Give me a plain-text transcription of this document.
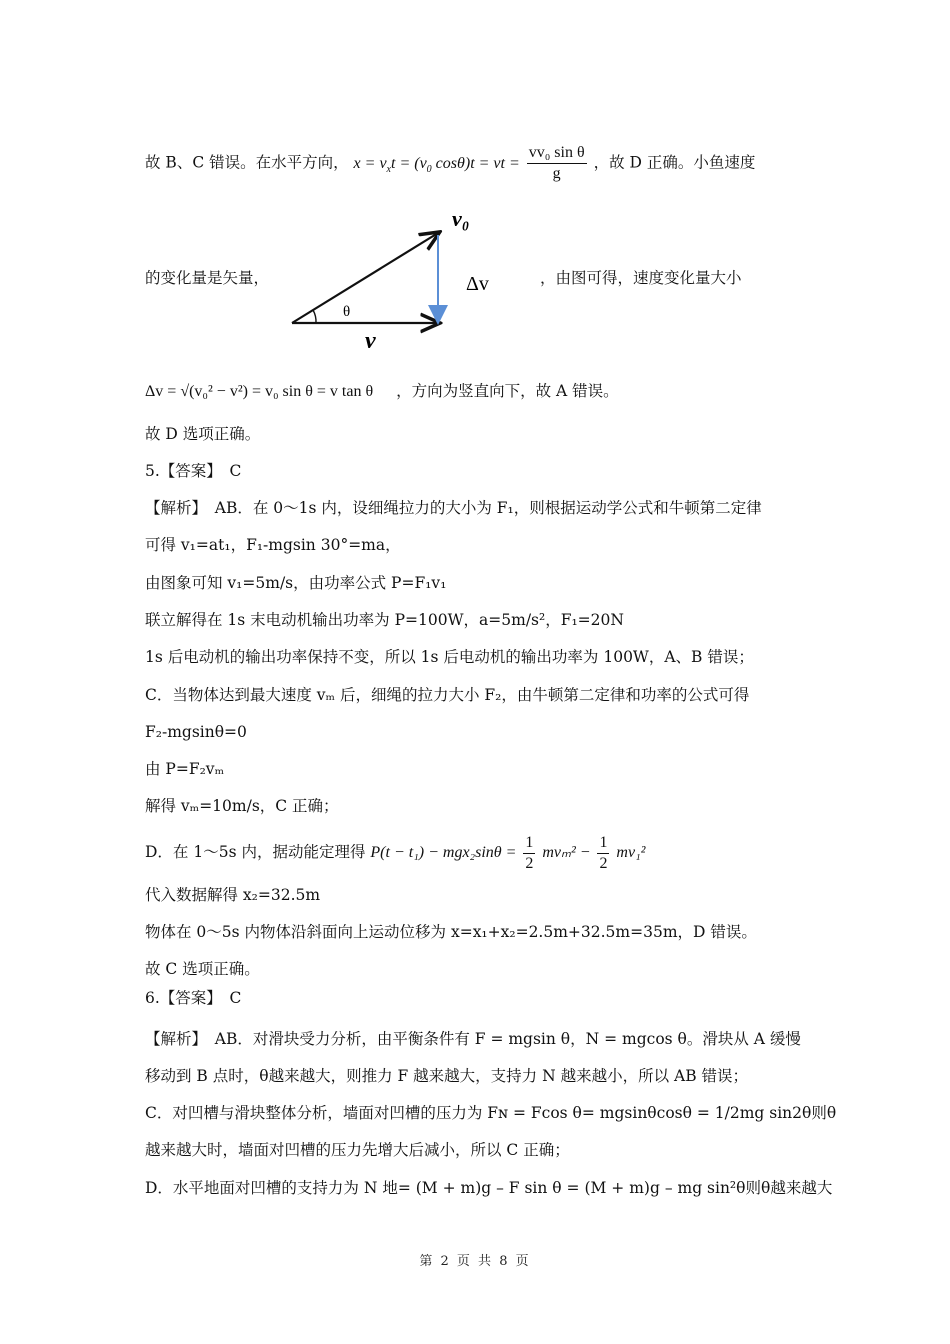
故 B、C 错误。在水平方向， $x = v_xt = (v_0$ cosθ)t = vt = $\frac{\text{vv₀ sin θ}}{g}$ ，故 D 正确。小鱼速度
的变化量是矢量，
v₀
Δv
θ
v
，由图可得，速度变化量大小
Δv = √(v₀² − v²) = v₀ sin θ = v tan θ ，方向为竖直向下，故 A 错误。
故 D 选项正确。
5.【答案】　C
【解析】　AB．在 0～1s 内，设细绳拉力的大小为 F₁，则根据运动学公式和牛顿第二定律
可得 v₁=at₁，F₁-mgsin 30°=ma，
由图象可知 v₁=5m/s，由功率公式 P=F₁v₁
联立解得在 1s 末电动机输出功率为 P=100W，a=5m/s²，F₁=20N
1s 后电动机的输出功率保持不变，所以 1s 后电动机的输出功率为 100W，A、B 错误；
C．当物体达到最大速度 vₘ 后，细绳的拉力大小 F₂，由牛顿第二定律和功率的公式可得
F₂-mgsinθ=0
由 P=F₂vₘ
解得 vₘ=10m/s，C 正确；
D．在 1～5s 内，据动能定理得 $P(t - t_1) - mgx_2\sin\theta = \frac{1}{2} mv_m^2 - \frac{1}{2} mv_1^2$
代入数据解得 x₂=32.5m
物体在 0～5s 内物体沿斜面向上运动位移为 x=x₁+x₂=2.5m+32.5m=35m，D 错误。
故 C 选项正确。
6.【答案】　C
【解析】　AB．对滑块受力分析，由平衡条件有 F = mgsin θ，N = mgcos θ。滑块从 A 缓慢
移动到 B 点时，θ越来越大，则推力 F 越来越大，支持力 N 越来越小，所以 AB 错误；
C．对凹槽与滑块整体分析，墙面对凹槽的压力为 Fɴ = Fcos θ= mgsinθcosθ = 1/2mg sin2θ则θ
越来越大时，墙面对凹槽的压力先增大后减小，所以 C 正确；
D．水平地面对凹槽的支持力为 N 地= (M + m)g – F sin θ = (M + m)g – mg sin²θ则θ越来越大
第 2 页 共 8 页
